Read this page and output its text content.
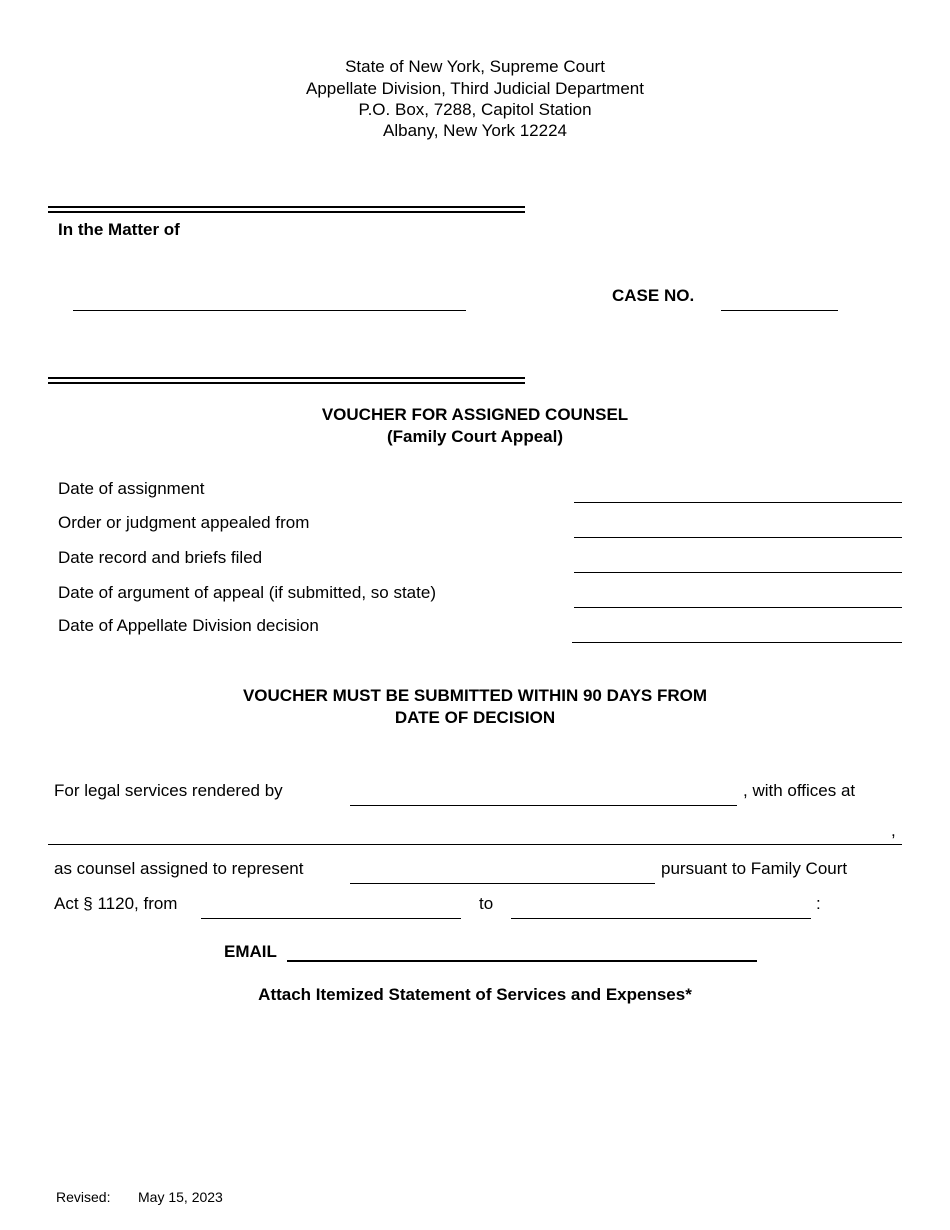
State of New York, Supreme Court
Appellate Division, Third Judicial Department
P.O. Box, 7288, Capitol Station
Albany, New York 12224
In the Matter of
CASE NO.
VOUCHER FOR ASSIGNED COUNSEL
(Family Court Appeal)
Date of assignment
Order or judgment appealed from
Date record and briefs filed
Date of argument of appeal (if submitted, so state)
Date of Appellate Division decision
VOUCHER MUST BE SUBMITTED WITHIN 90 DAYS FROM
DATE OF DECISION
For legal services rendered by	, with offices at
,
as counsel assigned to represent	pursuant to Family Court
Act § 1120, from	to	:
EMAIL
Attach Itemized Statement of Services and Expenses*
Revised: May 15, 2023
